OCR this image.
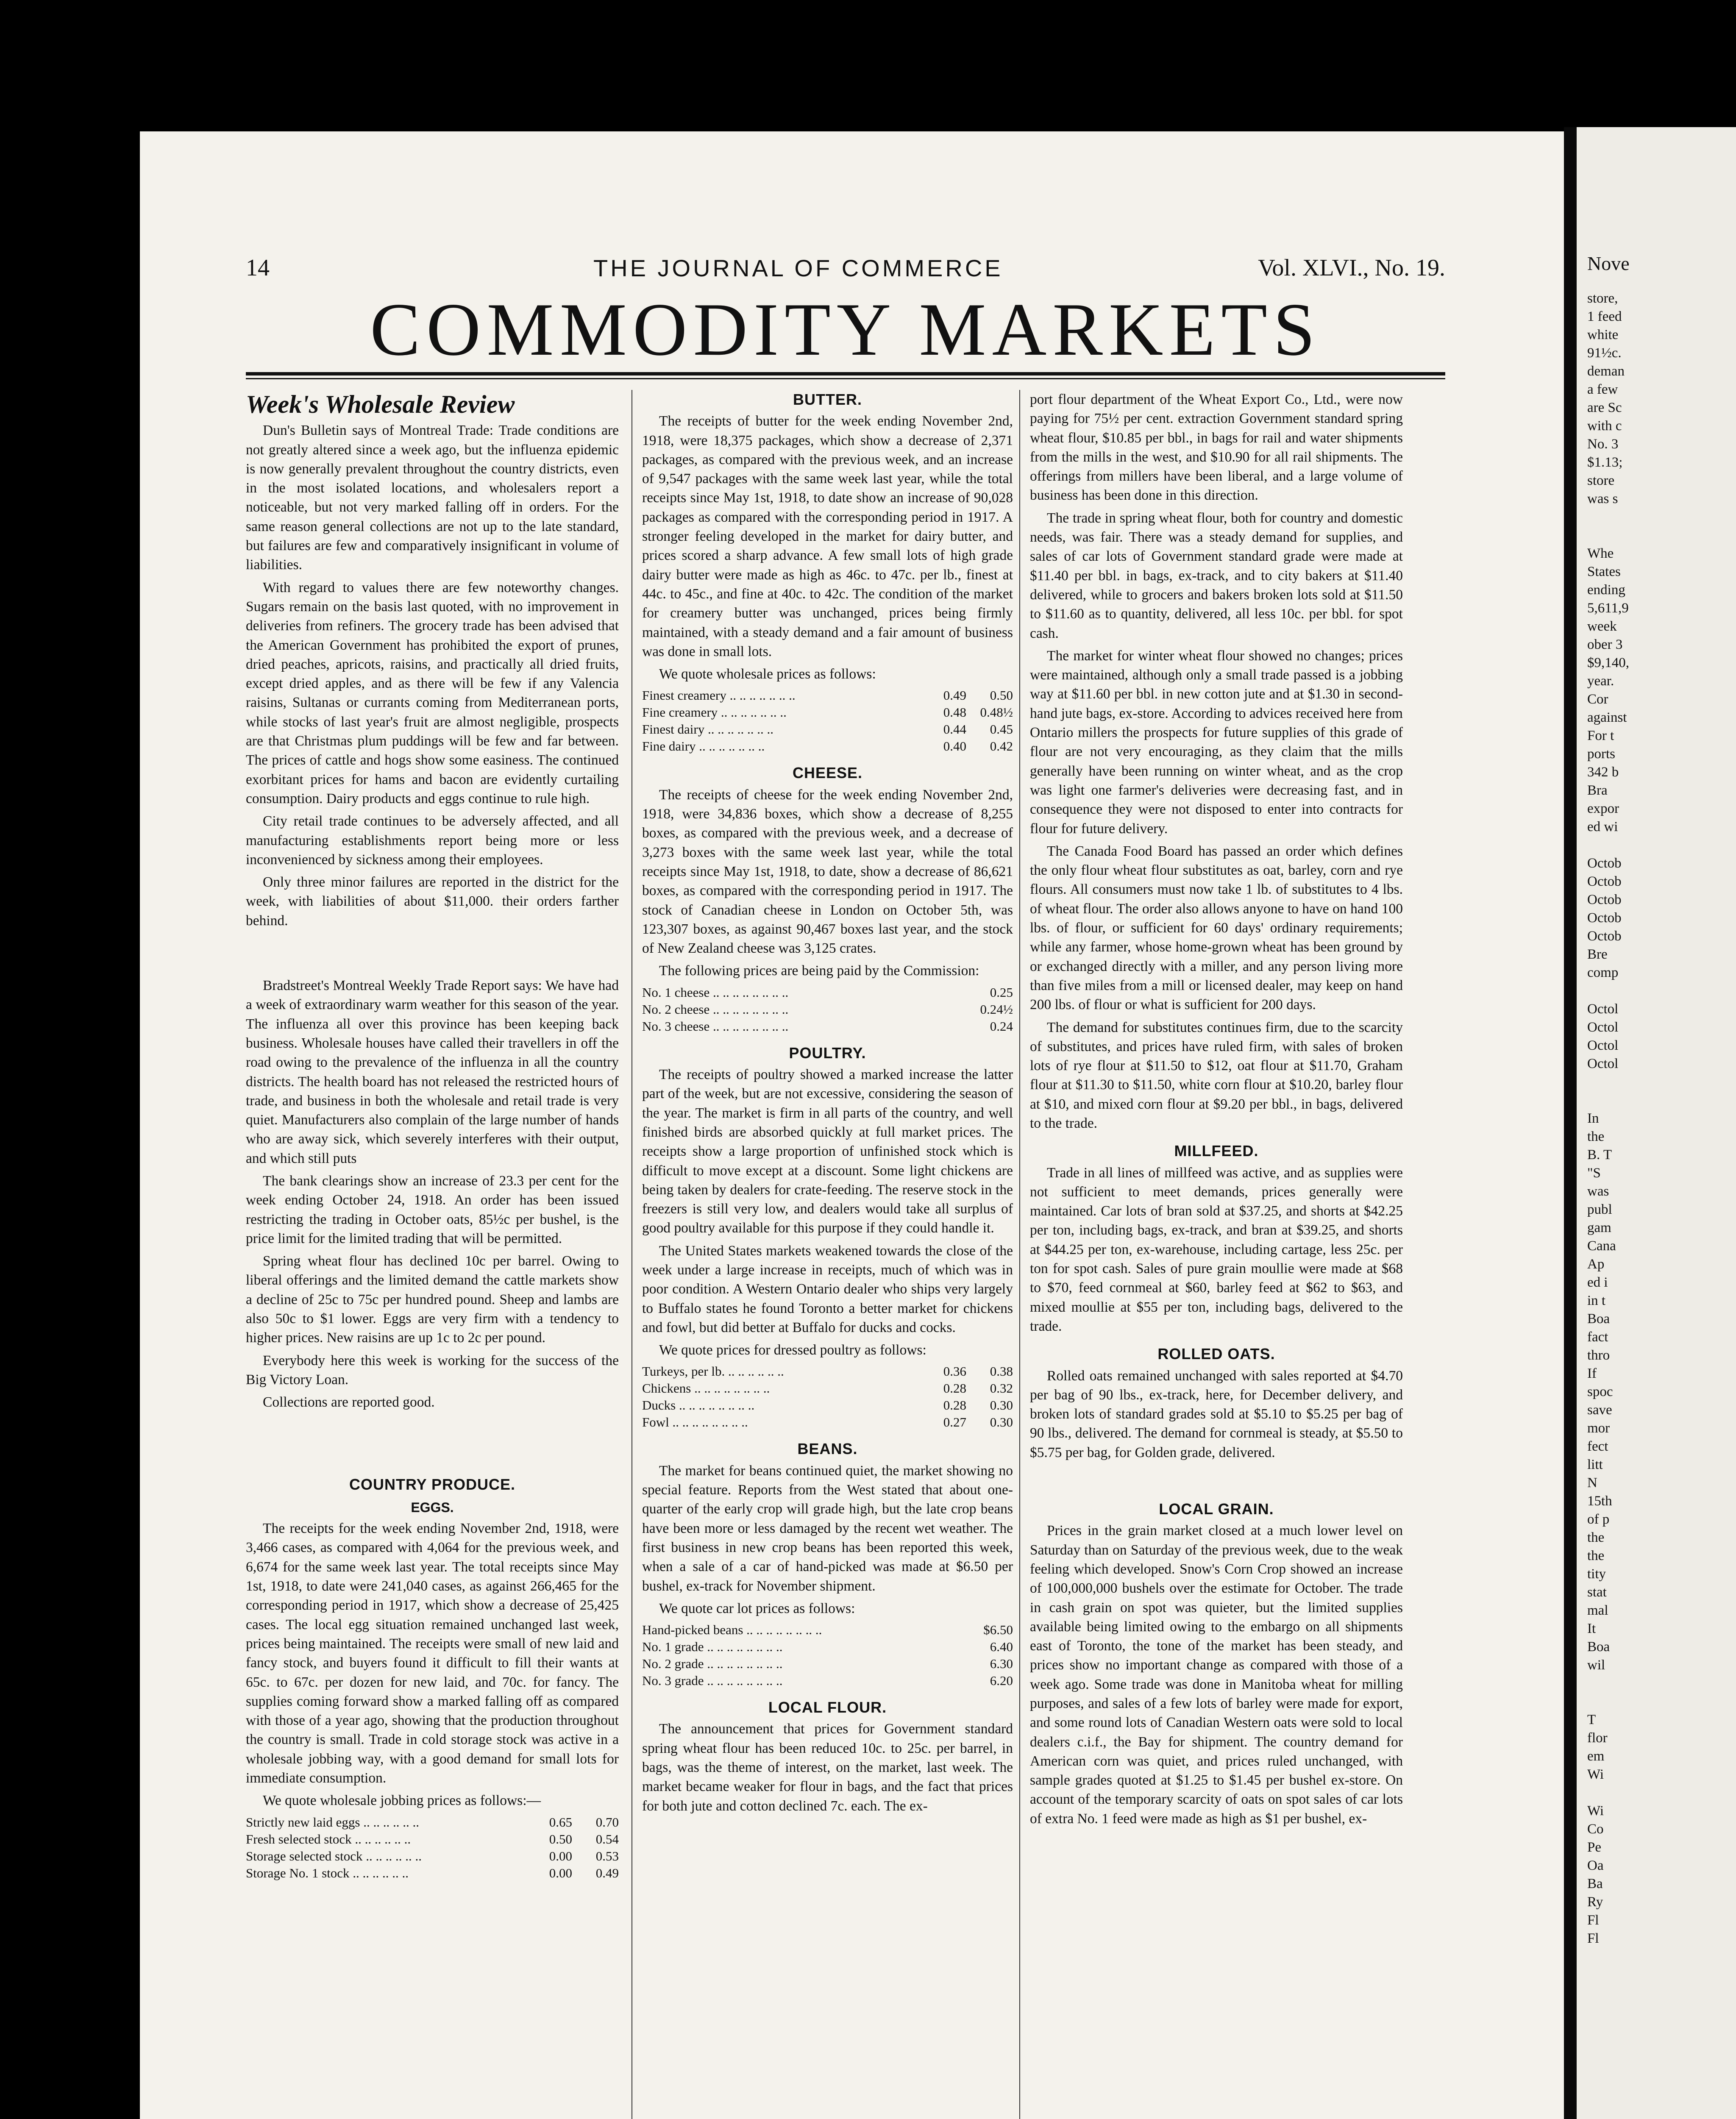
14	THE JOURNAL OF COMMERCE	Vol. XLVI., No. 19.
COMMODITY MARKETS
Week's Wholesale Review

Dun's Bulletin says of Montreal Trade: Trade conditions are not greatly altered since a week ago, but the influenza epidemic is now generally prevalent throughout the country districts, even in the most isolated locations, and wholesalers report a noticeable, but not very marked falling off in orders. For the same reason general collections are not up to the late standard, but failures are few and comparatively insignificant in volume of liabilities.

With regard to values there are few noteworthy changes. Sugars remain on the basis last quoted, with no improvement in deliveries from refiners. The grocery trade has been advised that the American Government has prohibited the export of prunes, dried peaches, apricots, raisins, and practically all dried fruits, except dried apples, and as there will be few if any Valencia raisins, Sultanas or currants coming from Mediterranean ports, while stocks of last year's fruit are almost negligible, prospects are that Christmas plum puddings will be few and far between. The prices of cattle and hogs show some easiness. The continued exorbitant prices for hams and bacon are evidently curtailing consumption. Dairy products and eggs continue to rule high.

City retail trade continues to be adversely affected, and all manufacturing establishments report being more or less inconvenienced by sickness among their employees.

Only three minor failures are reported in the district for the week, with liabilities of about $11,000. their orders farther behind.

Bradstreet's Montreal Weekly Trade Report says: We have had a week of extraordinary warm weather for this season of the year. The influenza all over this province has been keeping back business. Wholesale houses have called their travellers in off the road owing to the prevalence of the influenza in all the country districts. The health board has not released the restricted hours of trade, and business in both the wholesale and retail trade is very quiet. Manufacturers also complain of the large number of hands who are away sick, which severely interferes with their output, and which still puts

The bank clearings show an increase of 23.3 per cent for the week ending October 24, 1918. An order has been issued restricting the trading in October oats, 85½c per bushel, is the price limit for the limited trading that will be permitted.

Spring wheat flour has declined 10c per barrel. Owing to liberal offerings and the limited demand the cattle markets show a decline of 25c to 75c per hundred pound. Sheep and lambs are also 50c to $1 lower. Eggs are very firm with a tendency to higher prices. New raisins are up 1c to 2c per pound.

Everybody here this week is working for the success of the Big Victory Loan.

Collections are reported good.

COUNTRY PRODUCE.
EGGS.

The receipts for the week ending November 2nd, 1918, were 3,466 cases, as compared with 4,064 for the previous week, and 6,674 for the same week last year. The total receipts since May 1st, 1918, to date were 241,040 cases, as against 266,465 for the corresponding period in 1917, which show a decrease of 25,425 cases. The local egg situation remained unchanged last week, prices being maintained. The receipts were small of new laid and fancy stock, and buyers found it difficult to fill their wants at 65c. to 67c. per dozen for new laid, and 70c. for fancy. The supplies coming forward show a marked falling off as compared with those of a year ago, showing that the production throughout the country is small. Trade in cold storage stock was active in a wholesale jobbing way, with a good demand for small lots for immediate consumption.

We quote wholesale jobbing prices as follows:—

Strictly new laid eggs .. .. .. .. .. ..	0.65	0.70
Fresh selected stock .. .. .. .. .. ..	0.50	0.54
Storage selected stock .. .. .. .. .. ..	0.00	0.53
Storage No. 1 stock .. .. .. .. .. ..	0.00	0.49
BUTTER.

The receipts of butter for the week ending November 2nd, 1918, were 18,375 packages, which show a decrease of 2,371 packages, as compared with the previous week, and an increase of 9,547 packages with the same week last year, while the total receipts since May 1st, 1918, to date show an increase of 90,028 packages as compared with the corresponding period in 1917. A stronger feeling developed in the market for dairy butter, and prices scored a sharp advance. A few small lots of high grade dairy butter were made as high as 46c. to 47c. per lb., finest at 44c. to 45c., and fine at 40c. to 42c. The condition of the market for creamery butter was unchanged, prices being firmly maintained, with a steady demand and a fair amount of business was done in small lots.

We quote wholesale prices as follows:

Finest creamery .. .. .. .. .. .. ..	0.49	0.50
Fine creamery .. .. .. .. .. .. ..	0.48	0.48½
Finest dairy .. .. .. .. .. .. ..	0.44	0.45
Fine dairy .. .. .. .. .. .. ..	0.40	0.42
CHEESE.

The receipts of cheese for the week ending November 2nd, 1918, were 34,836 boxes, which show a decrease of 8,255 boxes, as compared with the previous week, and a decrease of 3,273 boxes with the same week last year, while the total receipts since May 1st, 1918, to date, show a decrease of 86,621 boxes, as compared with the corresponding period in 1917. The stock of Canadian cheese in London on October 5th, was 123,307 boxes, as against 90,467 boxes last year, and the stock of New Zealand cheese was 3,125 crates.

The following prices are being paid by the Commission:

No. 1 cheese .. .. .. .. .. .. .. ..	0.25
No. 2 cheese .. .. .. .. .. .. .. ..	0.24½
No. 3 cheese .. .. .. .. .. .. .. ..	0.24
POULTRY.

The receipts of poultry showed a marked increase the latter part of the week, but are not excessive, considering the season of the year. The market is firm in all parts of the country, and well finished birds are absorbed quickly at full market prices. The receipts show a large proportion of unfinished stock which is difficult to move except at a discount. Some light chickens are being taken by dealers for crate-feeding. The reserve stock in the freezers is still very low, and dealers would take all surplus of good poultry available for this purpose if they could handle it.

The United States markets weakened towards the close of the week under a large increase in receipts, much of which was in poor condition. A Western Ontario dealer who ships very largely to Buffalo states he found Toronto a better market for chickens and fowl, but did better at Buffalo for ducks and cocks.

We quote prices for dressed poultry as follows:

Turkeys, per lb. .. .. .. .. .. ..	0.36	0.38
Chickens .. .. .. .. .. .. .. ..	0.28	0.32
Ducks .. .. .. .. .. .. .. ..	0.28	0.30
Fowl .. .. .. .. .. .. .. ..	0.27	0.30
BEANS.

The market for beans continued quiet, the market showing no special feature. Reports from the West stated that about one-quarter of the early crop will grade high, but the late crop beans have been more or less damaged by the recent wet weather. The first business in new crop beans has been reported this week, when a sale of a car of hand-picked was made at $6.50 per bushel, ex-track for November shipment.

We quote car lot prices as follows:

Hand-picked beans .. .. .. .. .. .. .. ..	$6.50
No. 1 grade .. .. .. .. .. .. .. ..	6.40
No. 2 grade .. .. .. .. .. .. .. ..	6.30
No. 3 grade .. .. .. .. .. .. .. ..	6.20
LOCAL FLOUR.

The announcement that prices for Government standard spring wheat flour has been reduced 10c. to 25c. per barrel, in bags, was the theme of interest, on the market, last week. The market became weaker for flour in bags, and the fact that prices for both jute and cotton declined 7c. each. The ex-

port flour department of the Wheat Export Co., Ltd., were now paying for 75½ per cent. extraction Government standard spring wheat flour, $10.85 per bbl., in bags for rail and water shipments from the mills in the west, and $10.90 for all rail shipments. The offerings from millers have been liberal, and a large volume of business has been done in this direction.

The trade in spring wheat flour, both for country and domestic needs, was fair. There was a steady demand for supplies, and sales of car lots of Government standard grade were made at $11.40 per bbl. in bags, ex-track, and to city bakers at $11.40 delivered, while to grocers and bakers broken lots sold at $11.50 to $11.60 as to quantity, delivered, all less 10c. per bbl. for spot cash.

The market for winter wheat flour showed no changes; prices were maintained, although only a small trade passed is a jobbing way at $11.60 per bbl. in new cotton jute and at $1.30 in second-hand jute bags, ex-store. According to advices received here from Ontario millers the prospects for future supplies of this grade of flour are not very encouraging, as they claim that the mills generally have been running on winter wheat, and as the crop was light one farmer's deliveries were decreasing fast, and in consequence they were not disposed to enter into contracts for flour for future delivery.

The Canada Food Board has passed an order which defines the only flour wheat flour substitutes as oat, barley, corn and rye flours. All consumers must now take 1 lb. of substitutes to 4 lbs. of wheat flour. The order also allows anyone to have on hand 100 lbs. of flour, or sufficient for 60 days' ordinary requirements; while any farmer, whose home-grown wheat has been ground by or exchanged directly with a miller, and any person living more than five miles from a mill or licensed dealer, may keep on hand 200 lbs. of flour or what is sufficient for 200 days.

The demand for substitutes continues firm, due to the scarcity of substitutes, and prices have ruled firm, with sales of broken lots of rye flour at $11.50 to $12, oat flour at $11.70, Graham flour at $11.30 to $11.50, white corn flour at $10.20, barley flour at $10, and mixed corn flour at $9.20 per bbl., in bags, delivered to the trade.

MILLFEED.

Trade in all lines of millfeed was active, and as supplies were not sufficient to meet demands, prices generally were maintained. Car lots of bran sold at $37.25, and shorts at $42.25 per ton, including bags, ex-track, and bran at $39.25, and shorts at $44.25 per ton, ex-warehouse, including cartage, less 25c. per ton for spot cash. Sales of pure grain moullie were made at $68 to $70, feed cornmeal at $60, barley feed at $62 to $63, and mixed moullie at $55 per ton, including bags, delivered to the trade.

ROLLED OATS.

Rolled oats remained unchanged with sales reported at $4.70 per bag of 90 lbs., ex-track, here, for December delivery, and broken lots of standard grades sold at $5.10 to $5.25 per bag of 90 lbs., delivered. The demand for cornmeal is steady, at $5.50 to $5.75 per bag, for Golden grade, delivered.

LOCAL GRAIN.

Prices in the grain market closed at a much lower level on Saturday than on Saturday of the previous week, due to the weak feeling which developed. Snow's Corn Crop showed an increase of 100,000,000 bushels over the estimate for October. The trade in cash grain on spot was quieter, but the limited supplies available being limited owing to the embargo on all shipments east of Toronto, the tone of the market has been steady, and prices show no important change as compared with those of a week ago. Some trade was done in Manitoba wheat for milling purposes, and sales of a few lots of barley were made for export, and some round lots of Canadian Western oats were sold to local dealers c.i.f., the Bay for shipment. The country demand for American corn was quiet, and prices ruled unchanged, with sample grades quoted at $1.25 to $1.45 per bushel ex-store. On account of the temporary scarcity of oats on spot sales of car lots of extra No. 1 feed were made as high as $1 per bushel, ex-

Nove
store,
1 feed
white
91½c.
deman
a few
are Sc
with c
No. 3
$1.13;
store
was s

Whe
States
ending
5,611,9
week
ober 3
$9,140,
year.
Cor
against
For t
ports
342 b
Bra
expor
ed wi

Octob
Octob
Octob
Octob
Octob
Bre
comp

Octol
Octol
Octol
Octol

In
the
B. T
"S
was
publ
gam
Cana
Ap
ed i
in t
Boa
fact
thro
If
spoc
save
mor
fect
litt
N
15th
of p
the
the
tity
stat
mal
It
Boa
wil

T
flor
em
Wi

Wi
Co
Pe
Oa
Ba
Ry
Fl
Fl
